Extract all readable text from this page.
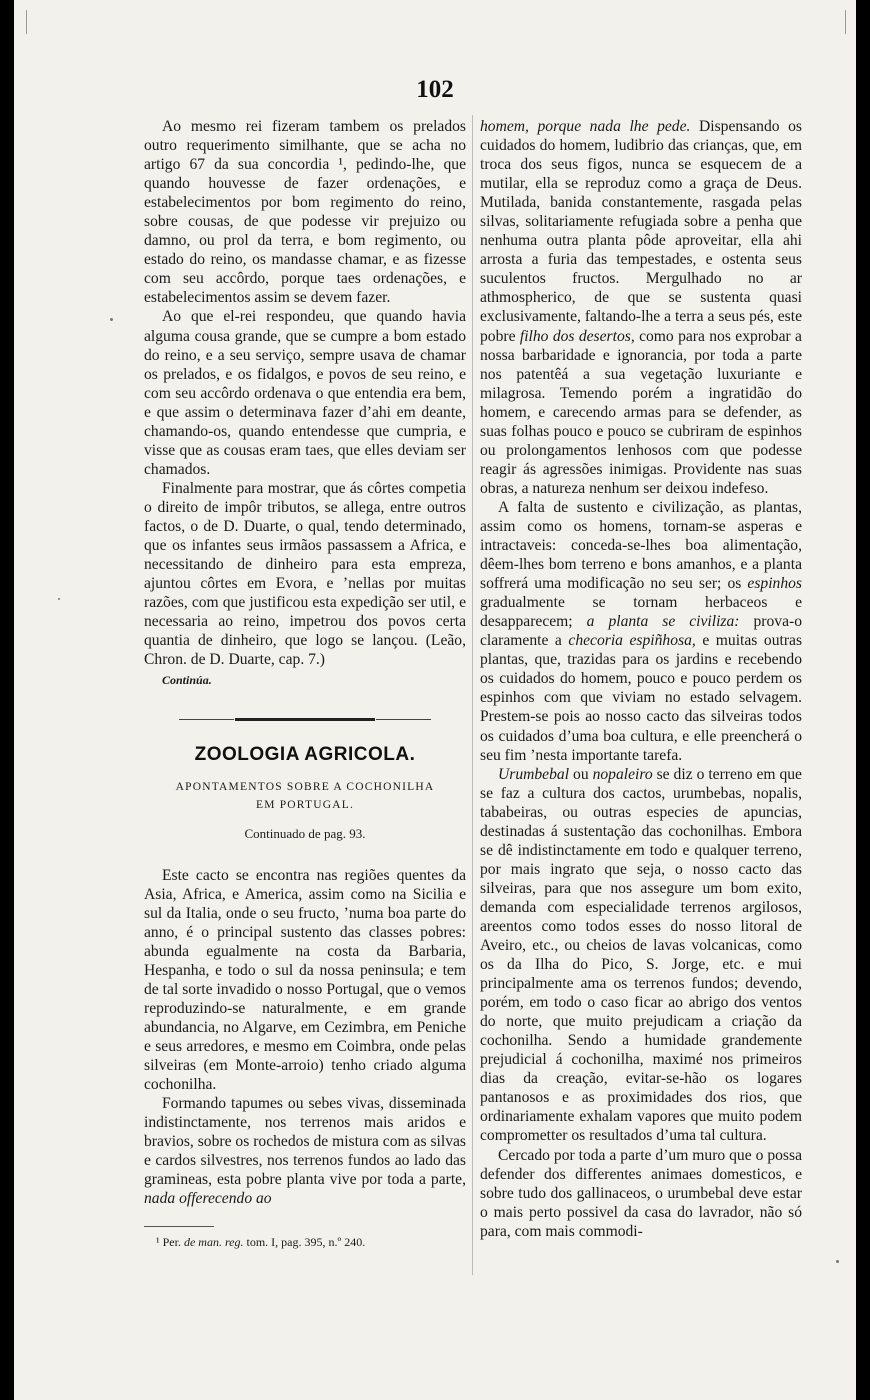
102

Ao mesmo rei fizeram tambem os prelados outro requerimento similhante, que se acha no artigo 67 da sua concordia ¹, pedindo-lhe, que quando houvesse de fazer ordenações, e estabelecimentos por bom regimento do reino, sobre cousas, de que podesse vir prejuizo ou damno, ou prol da terra, e bom regimento, ou estado do reino, os mandasse chamar, e as fizesse com seu accôrdo, porque taes ordenações, e estabelecimentos assim se devem fazer.

Ao que el-rei respondeu, que quando havia alguma cousa grande, que se cumpre a bom estado do reino, e a seu serviço, sempre usava de chamar os prelados, e os fidalgos, e povos de seu reino, e com seu accôrdo ordenava o que entendia era bem, e que assim o determinava fazer d’ahi em deante, chamando-os, quando entendesse que cumpria, e visse que as cousas eram taes, que elles deviam ser chamados.

Finalmente para mostrar, que ás côrtes competia o direito de impôr tributos, se allega, entre outros factos, o de D. Duarte, o qual, tendo determinado, que os infantes seus irmãos passassem a Africa, e necessitando de dinheiro para esta empreza, ajuntou côrtes em Evora, e ’nellas por muitas razões, com que justificou esta expedição ser util, e necessaria ao reino, impetrou dos povos certa quantia de dinheiro, que logo se lançou. (Leão, Chron. de D. Duarte, cap. 7.)

Continúa.
ZOOLOGIA AGRICOLA.
APONTAMENTOS SOBRE A COCHONILHA
EM PORTUGAL.
Continuado de pag. 93.

Este cacto se encontra nas regiões quentes da Asia, Africa, e America, assim como na Sicilia e sul da Italia, onde o seu fructo, ’numa boa parte do anno, é o principal sustento das classes pobres: abunda egualmente na costa da Barbaria, Hespanha, e todo o sul da nossa peninsula; e tem de tal sorte invadido o nosso Portugal, que o vemos reproduzindo-se naturalmente, e em grande abundancia, no Algarve, em Cezimbra, em Peniche e seus arredores, e mesmo em Coimbra, onde pelas silveiras (em Monte-arroio) tenho criado alguma cochonilha.

Formando tapumes ou sebes vivas, disseminada indistinctamente, nos terrenos mais aridos e bravios, sobre os rochedos de mistura com as silvas e cardos silvestres, nos terrenos fundos ao lado das gramineas, esta pobre planta vive por toda a parte, nada offerecendo ao

¹ Per. de man. reg. tom. I, pag. 395, n.º 240.

homem, porque nada lhe pede. Dispensando os cuidados do homem, ludibrio das crianças, que, em troca dos seus figos, nunca se esquecem de a mutilar, ella se reproduz como a graça de Deus. Mutilada, banida constantemente, rasgada pelas silvas, solitariamente refugiada sobre a penha que nenhuma outra planta pôde aproveitar, ella ahi arrosta a furia das tempestades, e ostenta seus suculentos fructos. Mergulhado no ar athmospherico, de que se sustenta quasi exclusivamente, faltando-lhe a terra a seus pés, este pobre filho dos desertos, como para nos exprobar a nossa barbaridade e ignorancia, por toda a parte nos patentêá a sua vegetação luxuriante e milagrosa. Temendo porém a ingratidão do homem, e carecendo armas para se defender, as suas folhas pouco e pouco se cubriram de espinhos ou prolongamentos lenhosos com que podesse reagir ás agressões inimigas. Providente nas suas obras, a natureza nenhum ser deixou indefeso.

A falta de sustento e civilização, as plantas, assim como os homens, tornam-se asperas e intractaveis: conceda-se-lhes boa alimentação, dêem-lhes bom terreno e bons amanhos, e a planta soffrerá uma modificação no seu ser; os espinhos gradualmente se tornam herbaceos e desapparecem; a planta se civiliza: prova-o claramente a checoria espiñhosa, e muitas outras plantas, que, trazidas para os jardins e recebendo os cuidados do homem, pouco e pouco perdem os espinhos com que viviam no estado selvagem. Prestem-se pois ao nosso cacto das silveiras todos os cuidados d’uma boa cultura, e elle preencherá o seu fim ’nesta importante tarefa.

Urumbebal ou nopaleiro se diz o terreno em que se faz a cultura dos cactos, urumbebas, nopalis, tababeiras, ou outras especies de apuncias, destinadas á sustentação das cochonilhas. Embora se dê indistinctamente em todo e qualquer terreno, por mais ingrato que seja, o nosso cacto das silveiras, para que nos assegure um bom exito, demanda com especialidade terrenos argilosos, areentos como todos esses do nosso litoral de Aveiro, etc., ou cheios de lavas volcanicas, como os da Ilha do Pico, S. Jorge, etc. e mui principalmente ama os terrenos fundos; devendo, porém, em todo o caso ficar ao abrigo dos ventos do norte, que muito prejudicam a criação da cochonilha. Sendo a humidade grandemente prejudicial á cochonilha, maximé nos primeiros dias da creação, evitar-se-hão os logares pantanosos e as proximidades dos rios, que ordinariamente exhalam vapores que muito podem comprometter os resultados d’uma tal cultura.

Cercado por toda a parte d’um muro que o possa defender dos differentes animaes domesticos, e sobre tudo dos gallinaceos, o urumbebal deve estar o mais perto possivel da casa do lavrador, não só para, com mais commodi-
